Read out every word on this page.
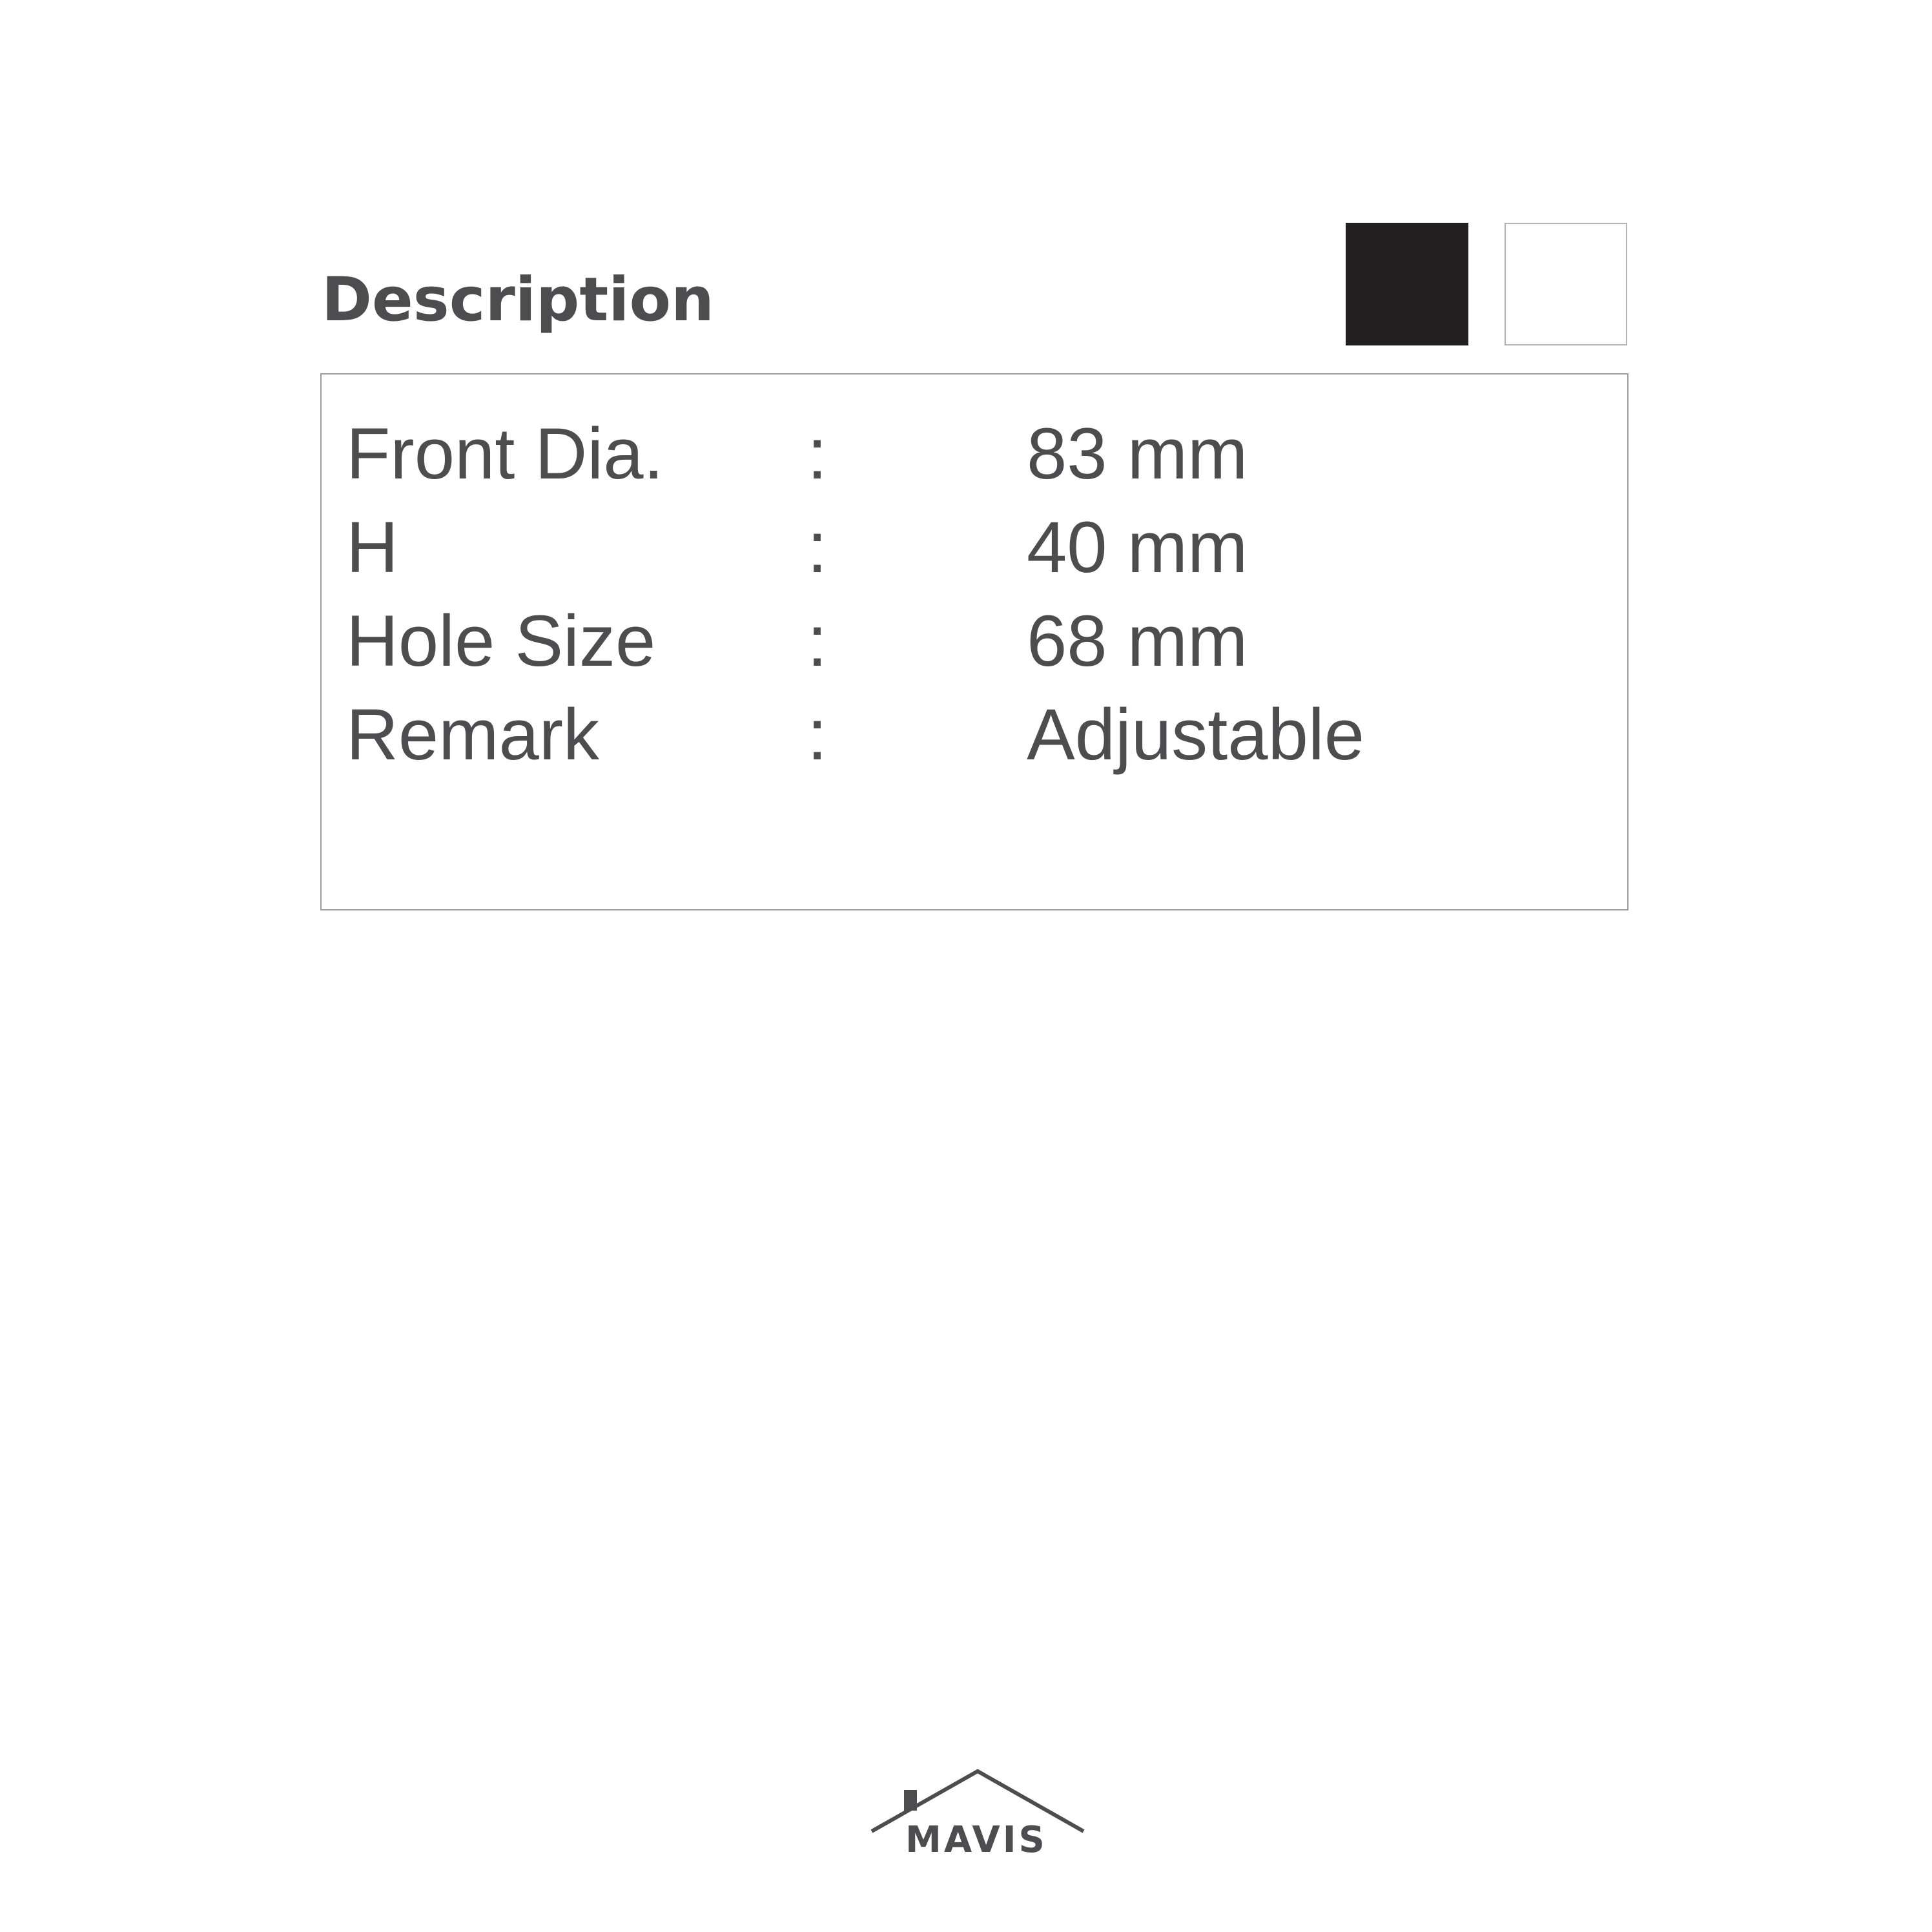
Description
Front Dia. :	83 mm
H	:	40 mm
Hole Size :	68 mm
Remark	:	Adjustable
MAVIS
